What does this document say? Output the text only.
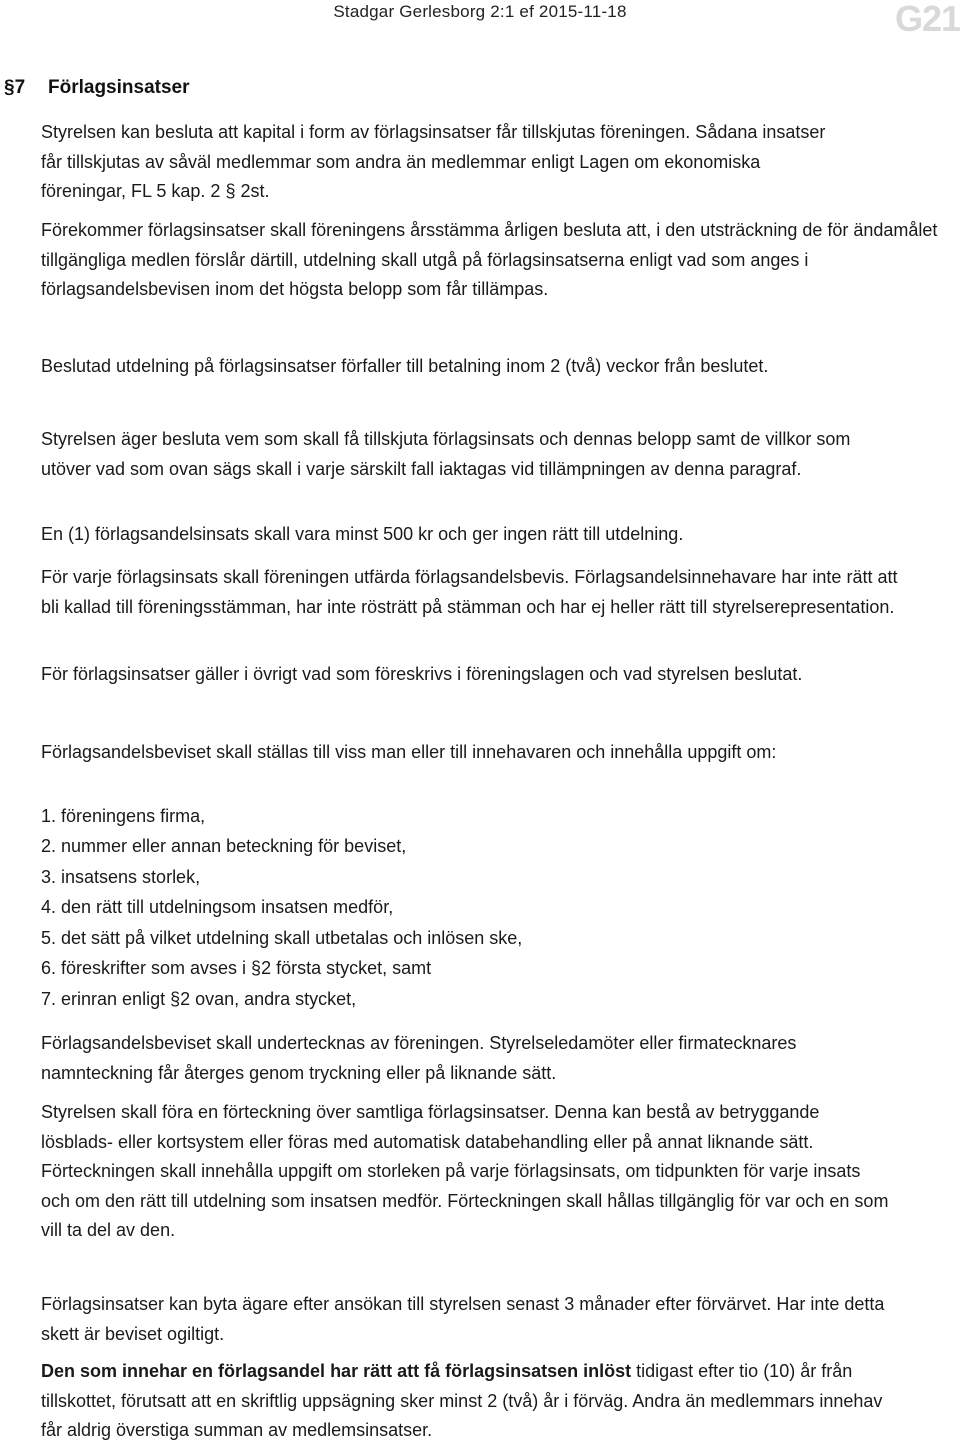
Stadgar Gerlesborg 2:1 ef 2015-11-18	G21
§7 Förlagsinsatser
Styrelsen kan besluta att kapital i form av förlagsinsatser får tillskjutas föreningen. Sådana insatser får tillskjutas av såväl medlemmar som andra än medlemmar enligt Lagen om ekonomiska föreningar, FL 5 kap. 2 § 2st.
Förekommer förlagsinsatser skall föreningens årsstämma årligen besluta att, i den utsträckning de för ändamålet tillgängliga medlen förslår därtill, utdelning skall utgå på förlagsinsatserna enligt vad som anges i förlagsandelsbevisen inom det högsta belopp som får tillämpas.
Beslutad utdelning på förlagsinsatser förfaller till betalning inom 2 (två) veckor från beslutet.
Styrelsen äger besluta vem som skall få tillskjuta förlagsinsats och dennas belopp samt de villkor som utöver vad som ovan sägs skall i varje särskilt fall iaktagas vid tillämpningen av denna paragraf.
En (1) förlagsandelsinsats skall vara minst 500 kr och ger ingen rätt till utdelning.
För varje förlagsinsats skall föreningen utfärda förlagsandelsbevis. Förlagsandelsinnehavare har inte rätt att bli kallad till föreningsstämman, har inte rösträtt på stämman och har ej heller rätt till styrelserepresentation.
För förlagsinsatser gäller i övrigt vad som föreskrivs i föreningslagen och vad styrelsen beslutat.
Förlagsandelsbeviset skall ställas till viss man eller till innehavaren och innehålla uppgift om:
1. föreningens firma,
2. nummer eller annan beteckning för beviset,
3. insatsens storlek,
4. den rätt till utdelningsom insatsen medför,
5. det sätt på vilket utdelning skall utbetalas och inlösen ske,
6. föreskrifter som avses i §2 första stycket, samt
7. erinran enligt §2 ovan, andra stycket,
Förlagsandelsbeviset skall undertecknas av föreningen. Styrelseledamöter eller firmatecknares namnteckning får återges genom tryckning eller på liknande sätt.
Styrelsen skall föra en förteckning över samtliga förlagsinsatser. Denna kan bestå av betryggande lösblads- eller kortsystem eller föras med automatisk databehandling eller på annat liknande sätt. Förteckningen skall innehålla uppgift om storleken på varje förlagsinsats, om tidpunkten för varje insats och om den rätt till utdelning som insatsen medför. Förteckningen skall hållas tillgänglig för var och en som vill ta del av den.
Förlagsinsatser kan byta ägare efter ansökan till styrelsen senast 3 månader efter förvärvet. Har inte detta skett är beviset ogiltigt.
Den som innehar en förlagsandel har rätt att få förlagsinsatsen inlöst tidigast efter tio (10) år från tillskottet, förutsatt att en skriftlig uppsägning sker minst 2 (två) år i förväg. Andra än medlemmars innehav får aldrig överstiga summan av medlemsinsatser.
